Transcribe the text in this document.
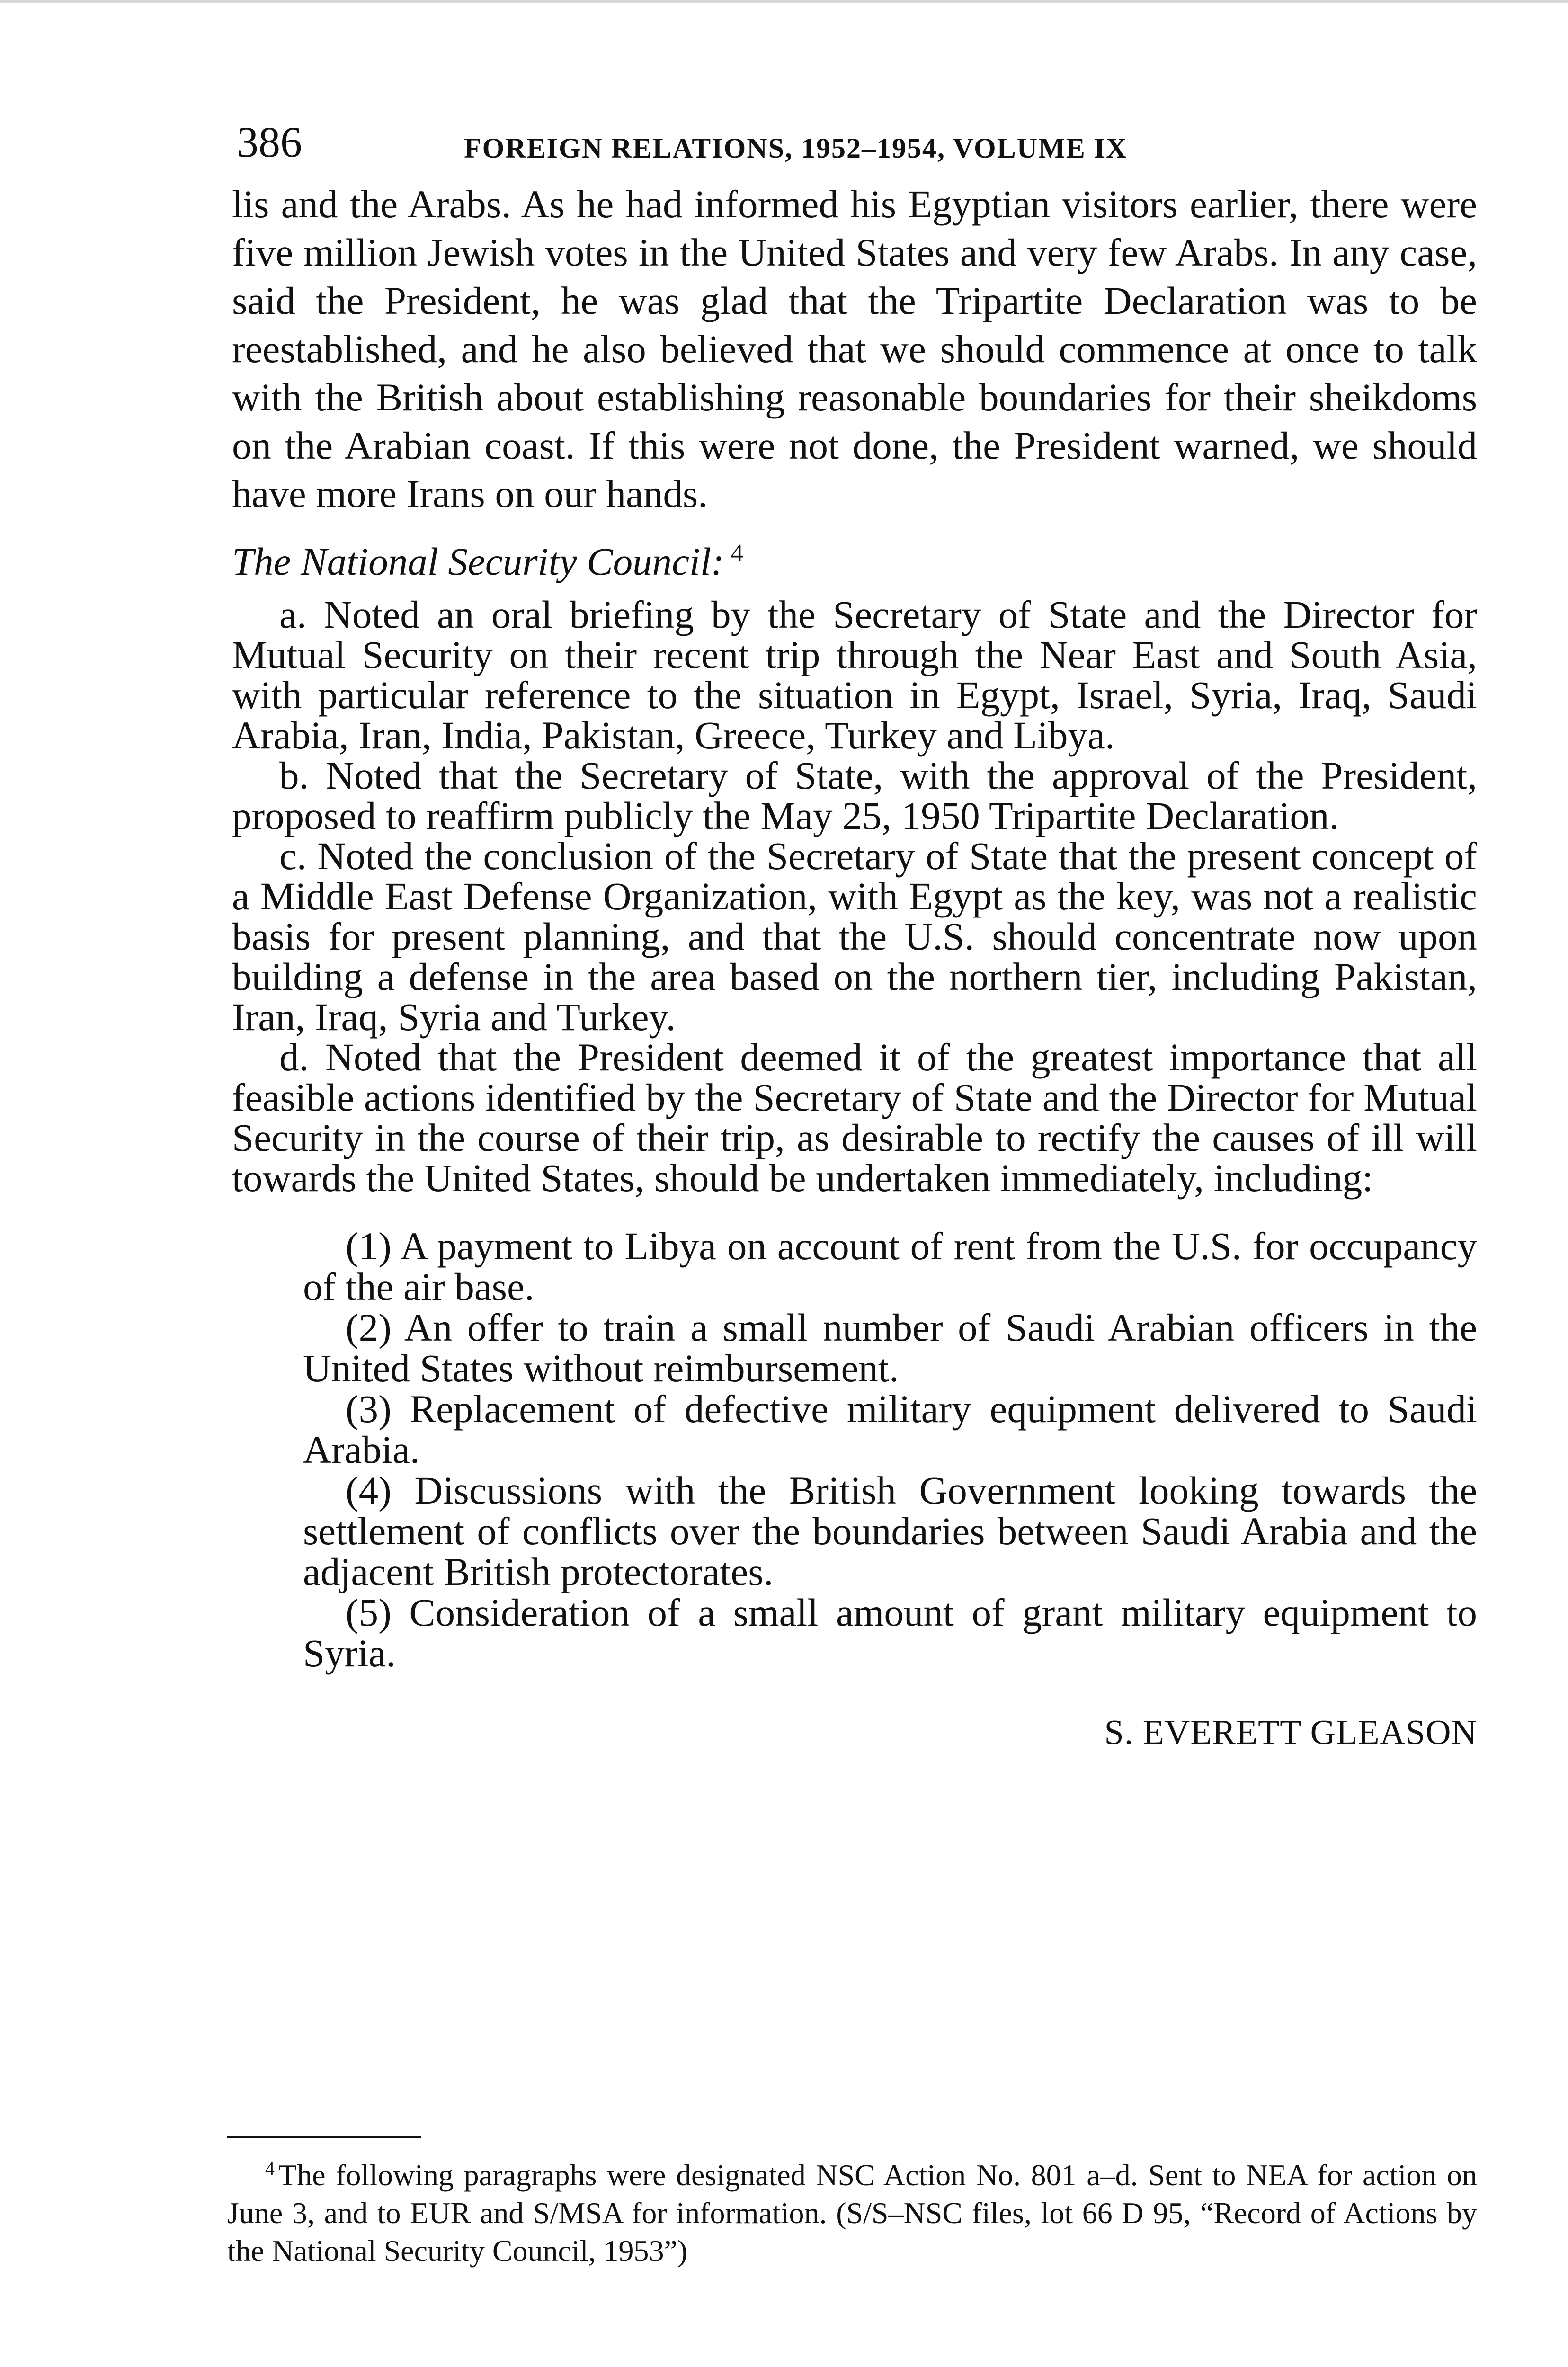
386	FOREIGN RELATIONS, 1952–1954, VOLUME IX

lis and the Arabs. As he had informed his Egyptian visitors earlier, there were five million Jewish votes in the United States and very few Arabs. In any case, said the President, he was glad that the Tripartite Declaration was to be reestablished, and he also believed that we should commence at once to talk with the British about establishing reasonable boundaries for their sheikdoms on the Arabian coast. If this were not done, the President warned, we should have more Irans on our hands.

The National Security Council: $^4$

a. Noted an oral briefing by the Secretary of State and the Director for Mutual Security on their recent trip through the Near East and South Asia, with particular reference to the situation in Egypt, Israel, Syria, Iraq, Saudi Arabia, Iran, India, Pakistan, Greece, Turkey and Libya.

b. Noted that the Secretary of State, with the approval of the President, proposed to reaffirm publicly the May 25, 1950 Tripartite Declaration.

c. Noted the conclusion of the Secretary of State that the present concept of a Middle East Defense Organization, with Egypt as the key, was not a realistic basis for present planning, and that the U.S. should concentrate now upon building a defense in the area based on the northern tier, including Pakistan, Iran, Iraq, Syria and Turkey.

d. Noted that the President deemed it of the greatest importance that all feasible actions identified by the Secretary of State and the Director for Mutual Security in the course of their trip, as desirable to rectify the causes of ill will towards the United States, should be undertaken immediately, including:

(1) A payment to Libya on account of rent from the U.S. for occupancy of the air base.

(2) An offer to train a small number of Saudi Arabian officers in the United States without reimbursement.

(3) Replacement of defective military equipment delivered to Saudi Arabia.

(4) Discussions with the British Government looking towards the settlement of conflicts over the boundaries between Saudi Arabia and the adjacent British protectorates.

(5) Consideration of a small amount of grant military equipment to Syria.

S. EVERETT GLEASON

$^4$ The following paragraphs were designated NSC Action No. 801 a–d. Sent to NEA for action on June 3, and to EUR and S/MSA for information. (S/S–NSC files, lot 66 D 95, “Record of Actions by the National Security Council, 1953”)
